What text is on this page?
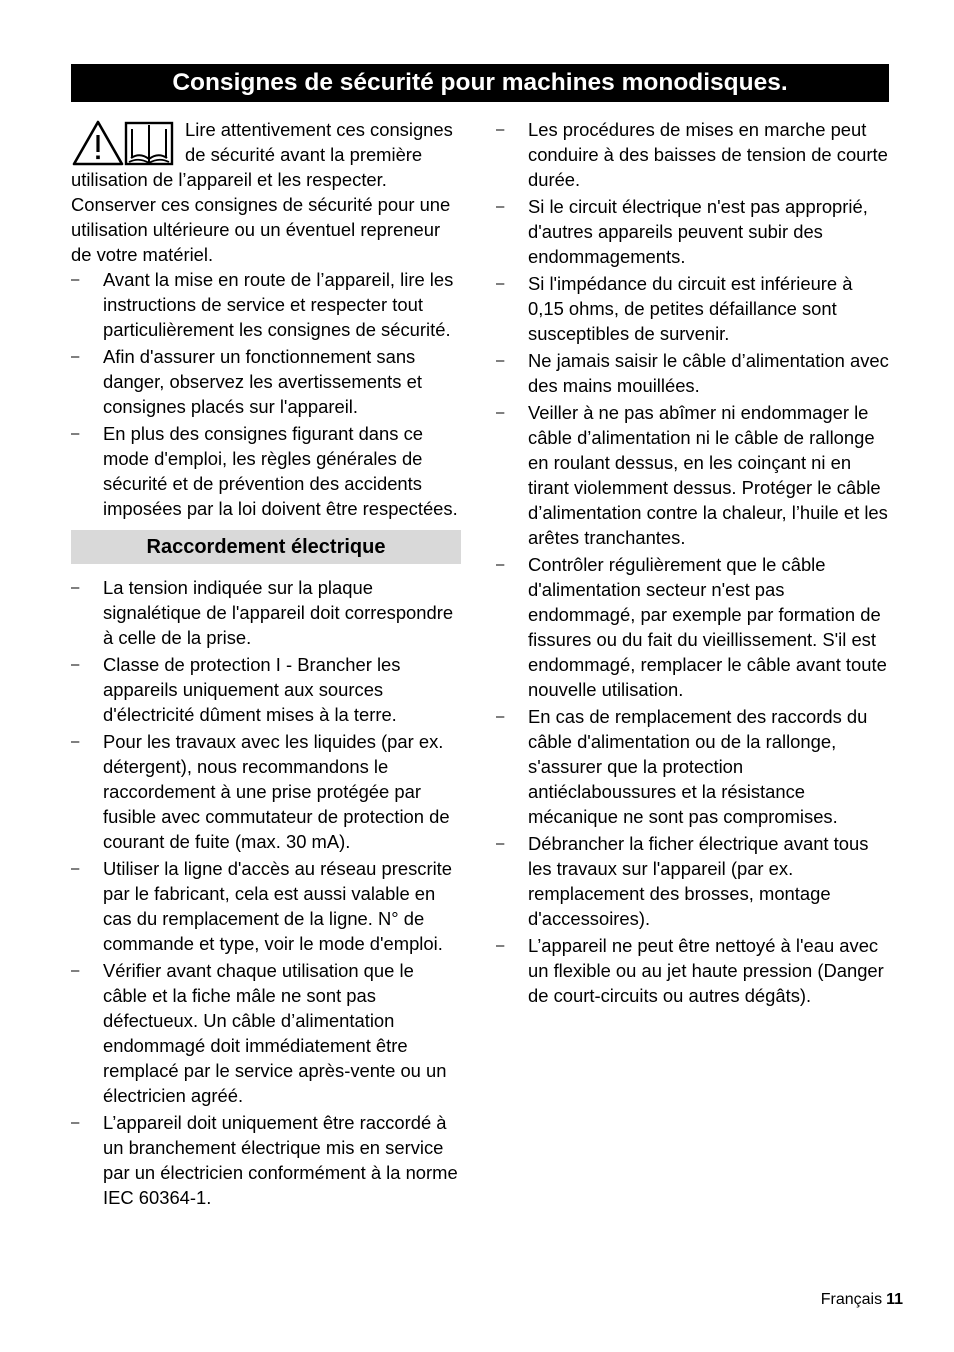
Consignes de sécurité pour machines monodisques.

Lire attentivement ces consignes de sécurité avant la première utilisation de l’appareil et les respecter. Conserver ces consignes de sécurité pour une utilisation ultérieure ou un éventuel repreneur de votre matériel.

–	Avant la mise en route de l’appareil, lire les instructions de service et respecter tout particulièrement les consignes de sécurité.
–	Afin d'assurer un fonctionnement sans danger, observez les avertissements et consignes placés sur l'appareil.
–	En plus des consignes figurant dans ce mode d'emploi, les règles générales de sécurité et de prévention des accidents imposées par la loi doivent être respectées.
Raccordement électrique
–	La tension indiquée sur la plaque signalétique de l'appareil doit correspondre à celle de la prise.
–	Classe de protection I - Brancher les appareils uniquement aux sources d'électricité dûment mises à la terre.
–	Pour les travaux avec les liquides (par ex. détergent), nous recommandons le raccordement à une prise protégée par fusible avec commutateur de protection de courant de fuite (max. 30 mA).
–	Utiliser la ligne d'accès au réseau prescrite par le fabricant, cela est aussi valable en cas du remplacement de la ligne. N° de commande et type, voir le mode d'emploi.
–	Vérifier avant chaque utilisation que le câble et la fiche mâle ne sont pas défectueux. Un câble d’alimentation endommagé doit immédiatement être remplacé par le service après-vente ou un électricien agréé.
–	L’appareil doit uniquement être raccordé à un branchement électrique mis en service par un électricien conformément à la norme IEC 60364-1.
–	Les procédures de mises en marche peut conduire à des baisses de tension de courte durée.
–	Si le circuit électrique n'est pas approprié, d'autres appareils peuvent subir des endommagements.
–	Si l'impédance du circuit est inférieure à 0,15 ohms, de petites défaillance sont susceptibles de survenir.
–	Ne jamais saisir le câble d’alimentation avec des mains mouillées.
–	Veiller à ne pas abîmer ni endommager le câble d’alimentation ni le câble de rallonge en roulant dessus, en les coinçant ni en tirant violemment dessus. Protéger le câble d’alimentation contre la chaleur, l’huile et les arêtes tranchantes.
–	Contrôler régulièrement que le câble d'alimentation secteur n'est pas endommagé, par exemple par formation de fissures ou du fait du vieillissement. S'il est endommagé, remplacer le câble avant toute nouvelle utilisation.
–	En cas de remplacement des raccords du câble d'alimentation ou de la rallonge, s'assurer que la protection antiéclaboussures et la résistance mécanique ne sont pas compromises.
–	Débrancher la ficher électrique avant tous les travaux sur l'appareil (par ex. remplacement des brosses, montage d'accessoires).
–	L’appareil ne peut être nettoyé à l'eau avec un flexible ou au jet haute pression (Danger de court-circuits ou autres dégâts).
Français 11
